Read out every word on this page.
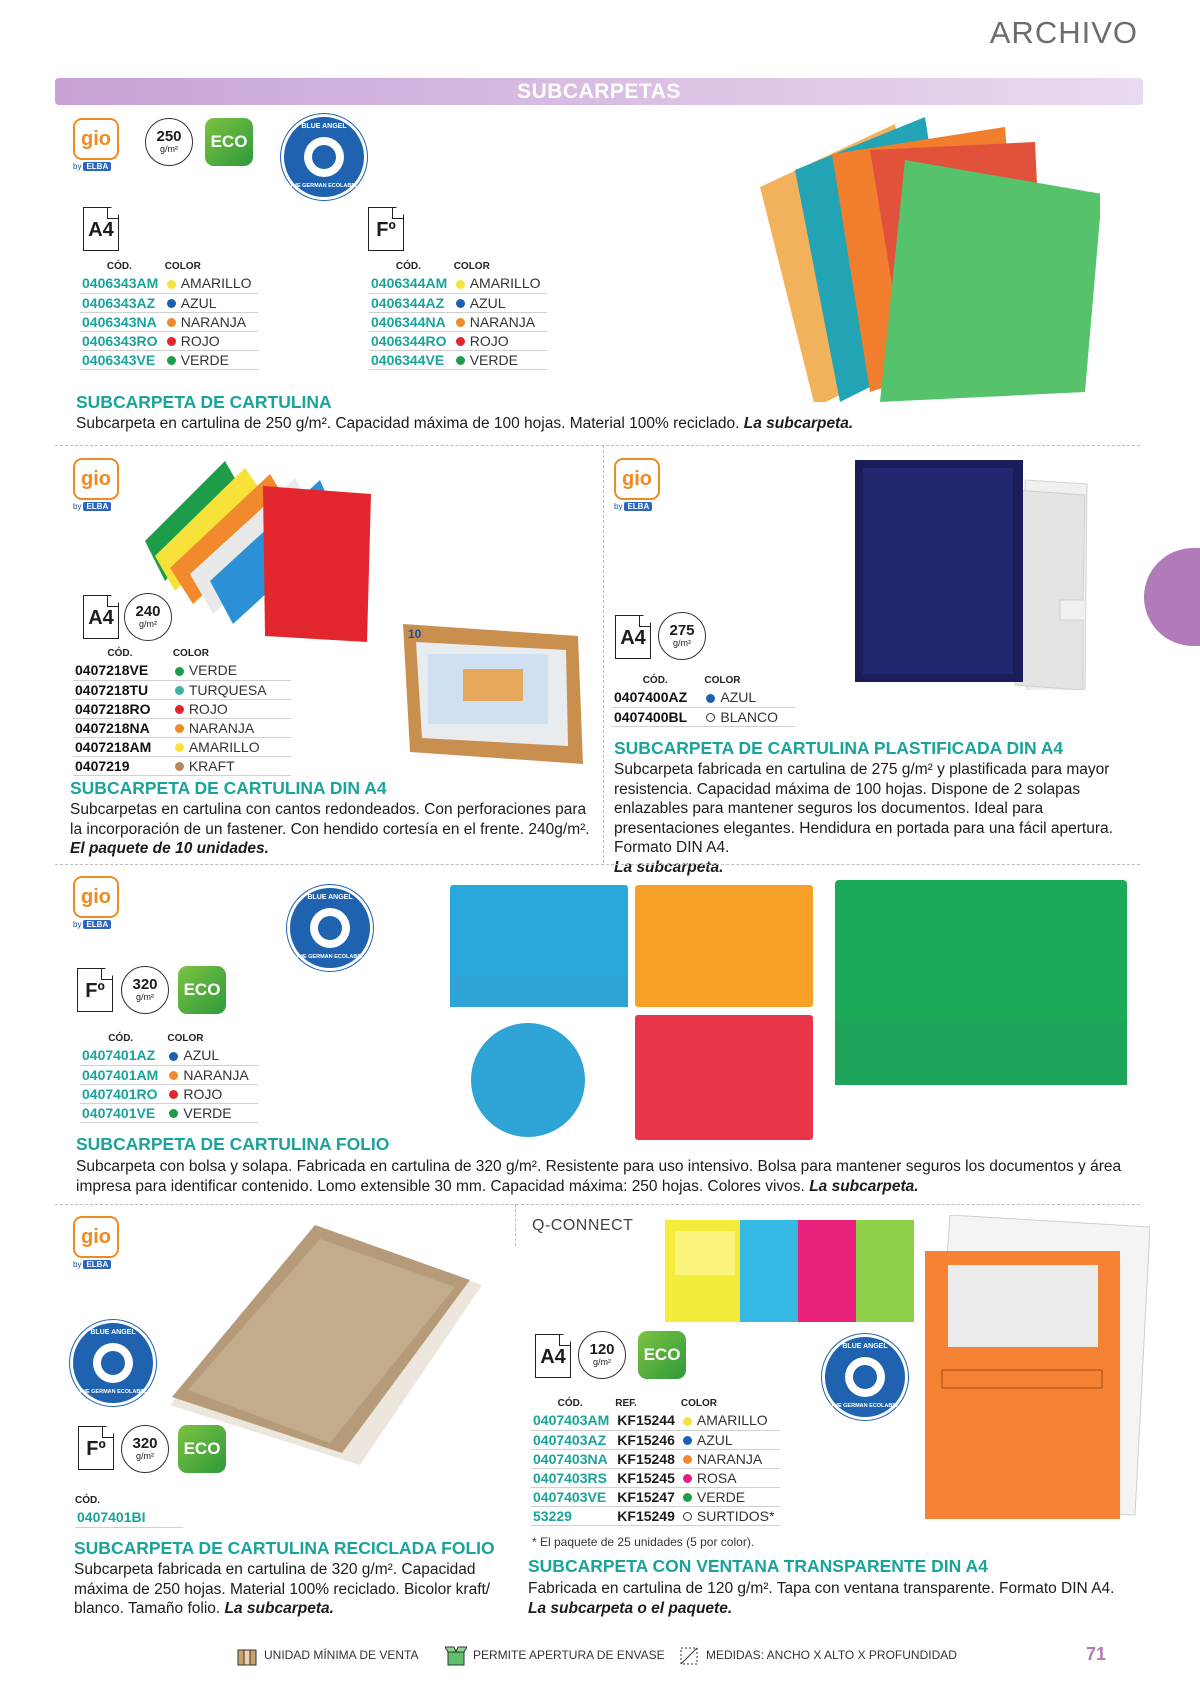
ARCHIVO
SUBCARPETAS
gio
by ELBA
250
g/m²	ECO
BLUE ANGEL
THE GERMAN ECOLABEL
A4	Fº
CÓD.	COLOR
0406343AM	AMARILLO
0406343AZ	AZUL
0406343NA	NARANJA
0406343RO	ROJO
0406343VE	VERDE
CÓD.	COLOR
0406344AM	AMARILLO
0406344AZ	AZUL
0406344NA	NARANJA
0406344RO	ROJO
0406344VE	VERDE
SUBCARPETA DE CARTULINA
Subcarpeta en cartulina de 250 g/m². Capacidad máxima de 100 hojas. Material 100% reciclado. La subcarpeta.
gio
by ELBA
10
A4	240
g/m²
CÓD.	COLOR
0407218VE	VERDE
0407218TU	TURQUESA
0407218RO	ROJO
0407218NA	NARANJA
0407218AM	AMARILLO
0407219	KRAFT
SUBCARPETA DE CARTULINA DIN A4
Subcarpetas en cartulina con cantos redondeados. Con perforaciones para la incorporación de un fastener. Con hendido cortesía en el frente. 240g/m².
El paquete de 10 unidades.
gio
by ELBA
A4	275
g/m²
CÓD.	COLOR
0407400AZ	AZUL
0407400BL	BLANCO
SUBCARPETA DE CARTULINA PLASTIFICADA DIN A4
Subcarpeta fabricada en cartulina de 275 g/m² y plastificada para mayor resistencia. Capacidad máxima de 100 hojas. Dispone de 2 solapas enlazables para mantener seguros los documentos. Ideal para presentaciones elegantes. Hendidura en portada para una fácil apertura. Formato DIN A4.
La subcarpeta.
gio
by ELBA
BLUE ANGEL
THE GERMAN ECOLABEL
Fº	320
g/m²	ECO
CÓD.	COLOR
0407401AZ	AZUL
0407401AM	NARANJA
0407401RO	ROJO
0407401VE	VERDE
SUBCARPETA DE CARTULINA FOLIO
Subcarpeta con bolsa y solapa. Fabricada en cartulina de 320 g/m². Resistente para uso intensivo. Bolsa para mantener seguros los documentos y área impresa para identificar contenido. Lomo extensible 30 mm. Capacidad máxima: 250 hojas. Colores vivos. La subcarpeta.
gio
by ELBA
BLUE ANGEL
THE GERMAN ECOLABEL
Fº	320
g/m²	ECO
CÓD.
0407401BI
SUBCARPETA DE CARTULINA RECICLADA FOLIO
Subcarpeta fabricada en cartulina de 320 g/m². Capacidad máxima de 250 hojas. Material 100% reciclado. Bicolor kraft/ blanco. Tamaño folio. La subcarpeta.
Q-CONNECT
BLUE ANGEL
THE GERMAN ECOLABEL
A4	120
g/m²	ECO
CÓD.	REF.	COLOR
0407403AM	KF15244	AMARILLO
0407403AZ	KF15246	AZUL
0407403NA	KF15248	NARANJA
0407403RS	KF15245	ROSA
0407403VE	KF15247	VERDE
53229	KF15249	SURTIDOS*
* El paquete de 25 unidades (5 por color).
SUBCARPETA CON VENTANA TRANSPARENTE DIN A4
Fabricada en cartulina de 120 g/m². Tapa con ventana transparente. Formato DIN A4.
La subcarpeta o el paquete.
UNIDAD MÍNIMA DE VENTA	PERMITE APERTURA DE ENVASE	MEDIDAS: ANCHO X ALTO X PROFUNDIDAD	71
